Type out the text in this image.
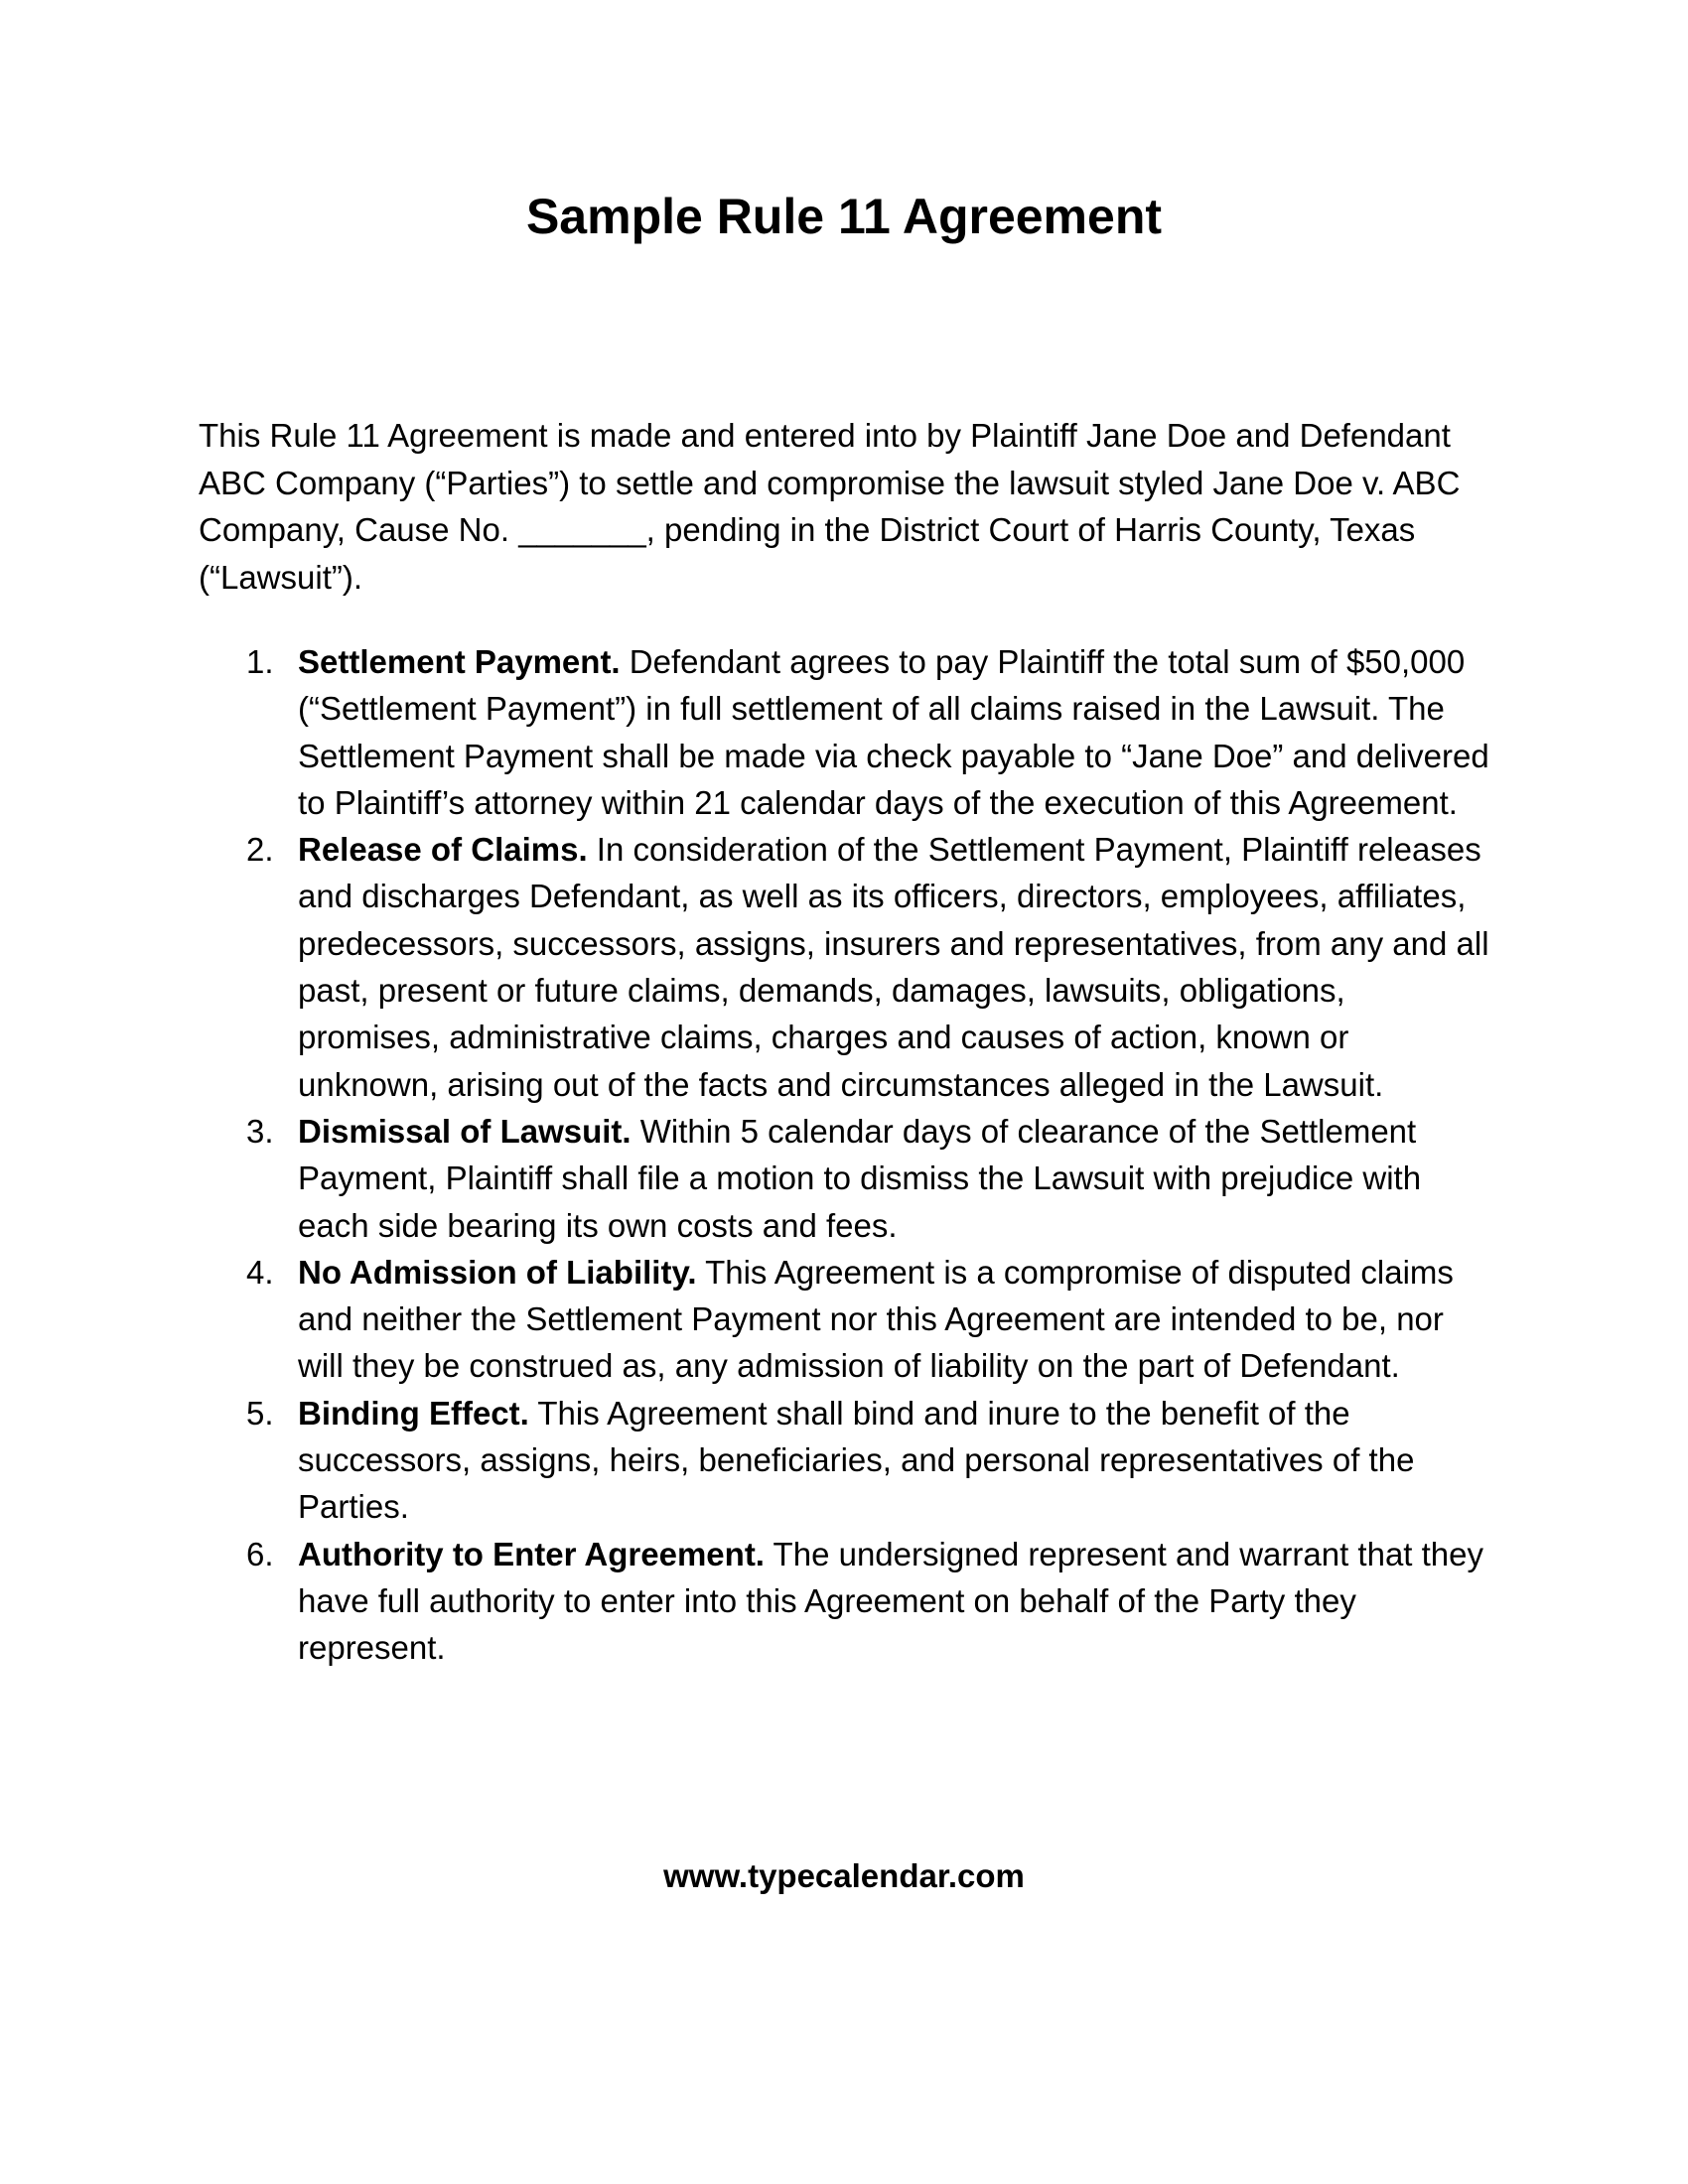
Sample Rule 11 Agreement

This Rule 11 Agreement is made and entered into by Plaintiff Jane Doe and Defendant ABC Company (“Parties”) to settle and compromise the lawsuit styled Jane Doe v. ABC Company, Cause No. _______, pending in the District Court of Harris County, Texas (“Lawsuit”).

1. Settlement Payment. Defendant agrees to pay Plaintiff the total sum of $50,000 (“Settlement Payment”) in full settlement of all claims raised in the Lawsuit. The Settlement Payment shall be made via check payable to “Jane Doe” and delivered to Plaintiff’s attorney within 21 calendar days of the execution of this Agreement.
2. Release of Claims. In consideration of the Settlement Payment, Plaintiff releases and discharges Defendant, as well as its officers, directors, employees, affiliates, predecessors, successors, assigns, insurers and representatives, from any and all past, present or future claims, demands, damages, lawsuits, obligations, promises, administrative claims, charges and causes of action, known or unknown, arising out of the facts and circumstances alleged in the Lawsuit.
3. Dismissal of Lawsuit. Within 5 calendar days of clearance of the Settlement Payment, Plaintiff shall file a motion to dismiss the Lawsuit with prejudice with each side bearing its own costs and fees.
4. No Admission of Liability. This Agreement is a compromise of disputed claims and neither the Settlement Payment nor this Agreement are intended to be, nor will they be construed as, any admission of liability on the part of Defendant.
5. Binding Effect. This Agreement shall bind and inure to the benefit of the successors, assigns, heirs, beneficiaries, and personal representatives of the Parties.
6. Authority to Enter Agreement. The undersigned represent and warrant that they have full authority to enter into this Agreement on behalf of the Party they represent.

www.typecalendar.com
